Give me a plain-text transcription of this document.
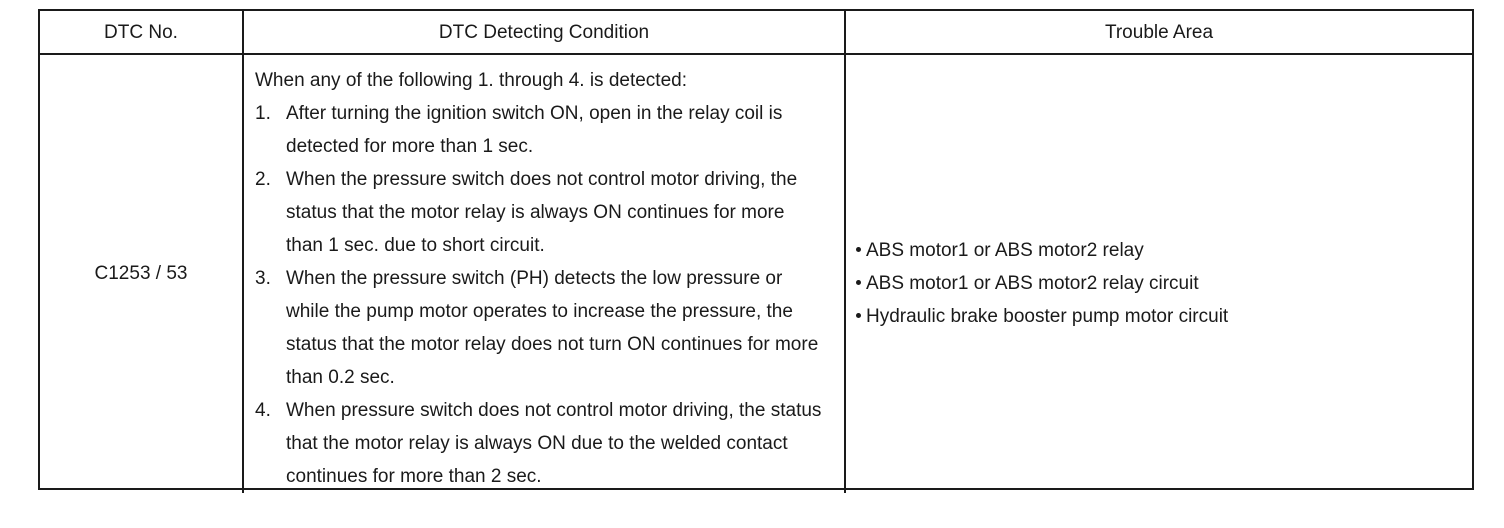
DTC No.	DTC Detecting Condition	Trouble Area
C1253 / 53

When any of the following 1. through 4. is detected:

1. After turning the ignition switch ON, open in the relay coil is detected for more than 1 sec.
2. When the pressure switch does not control motor driving, the status that the motor relay is always ON continues for more than 1 sec. due to short circuit.
3. When the pressure switch (PH) detects the low pressure or while the pump motor operates to increase the pressure, the status that the motor relay does not turn ON continues for more than 0.2 sec.
4. When pressure switch does not control motor driving, the status that the motor relay is always ON due to the welded contact continues for more than 2 sec.
ABS motor1 or ABS motor2 relay
ABS motor1 or ABS motor2 relay circuit
Hydraulic brake booster pump motor circuit
